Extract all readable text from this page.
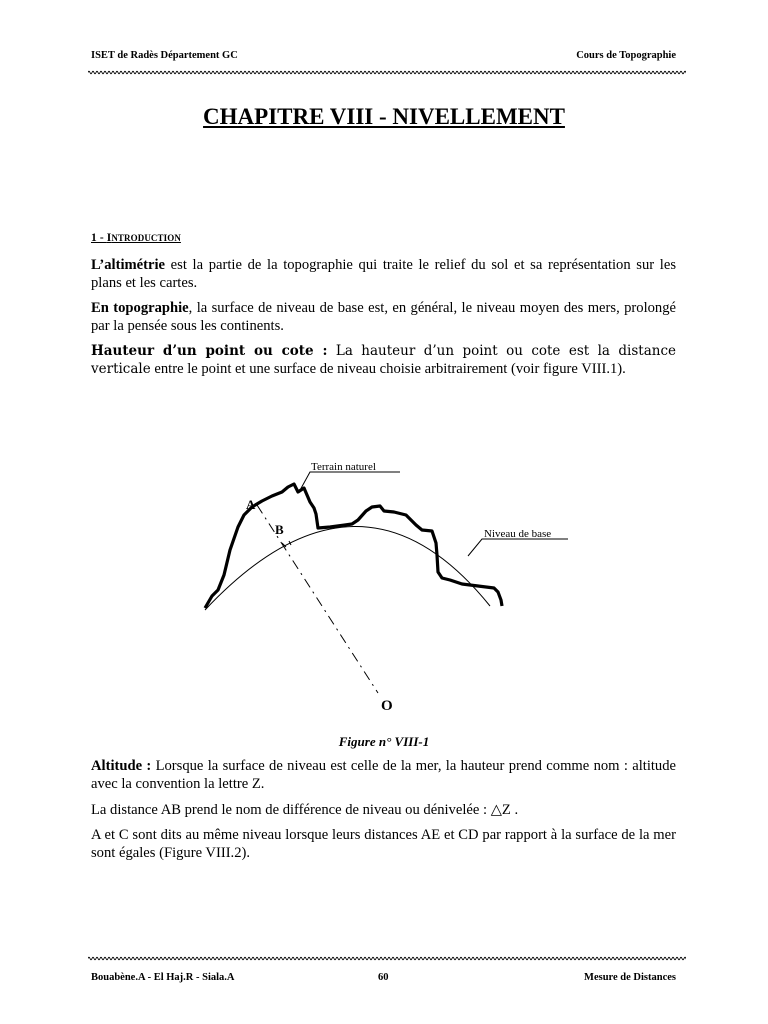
ISET de Radès Département GC	Cours de Topographie
CHAPITRE VIII - NIVELLEMENT
1 - INTRODUCTION
L’altimétrie est la partie de la topographie qui traite le relief du sol et sa représentation sur les plans et les cartes.
En topographie, la surface de niveau de base est, en général, le niveau moyen des mers, prolongé par la pensée sous les continents.
Hauteur d’un point ou cote : La hauteur d’un point ou cote est la distance verticale entre le point et une surface de niveau choisie arbitrairement (voir figure VIII.1).
Terrain naturel
Niveau de base
A
B
O
Figure n° VIII-1
Altitude : Lorsque la surface de niveau est celle de la mer, la hauteur prend comme nom : altitude avec la convention la lettre Z.
La distance AB prend le nom de différence de niveau ou dénivelée : △Z .
A et C sont dits au même niveau lorsque leurs distances AE et CD par rapport à la surface de la mer sont égales (Figure VIII.2).
Bouabène.A - El Haj.R - Siala.A	60	Mesure de Distances
